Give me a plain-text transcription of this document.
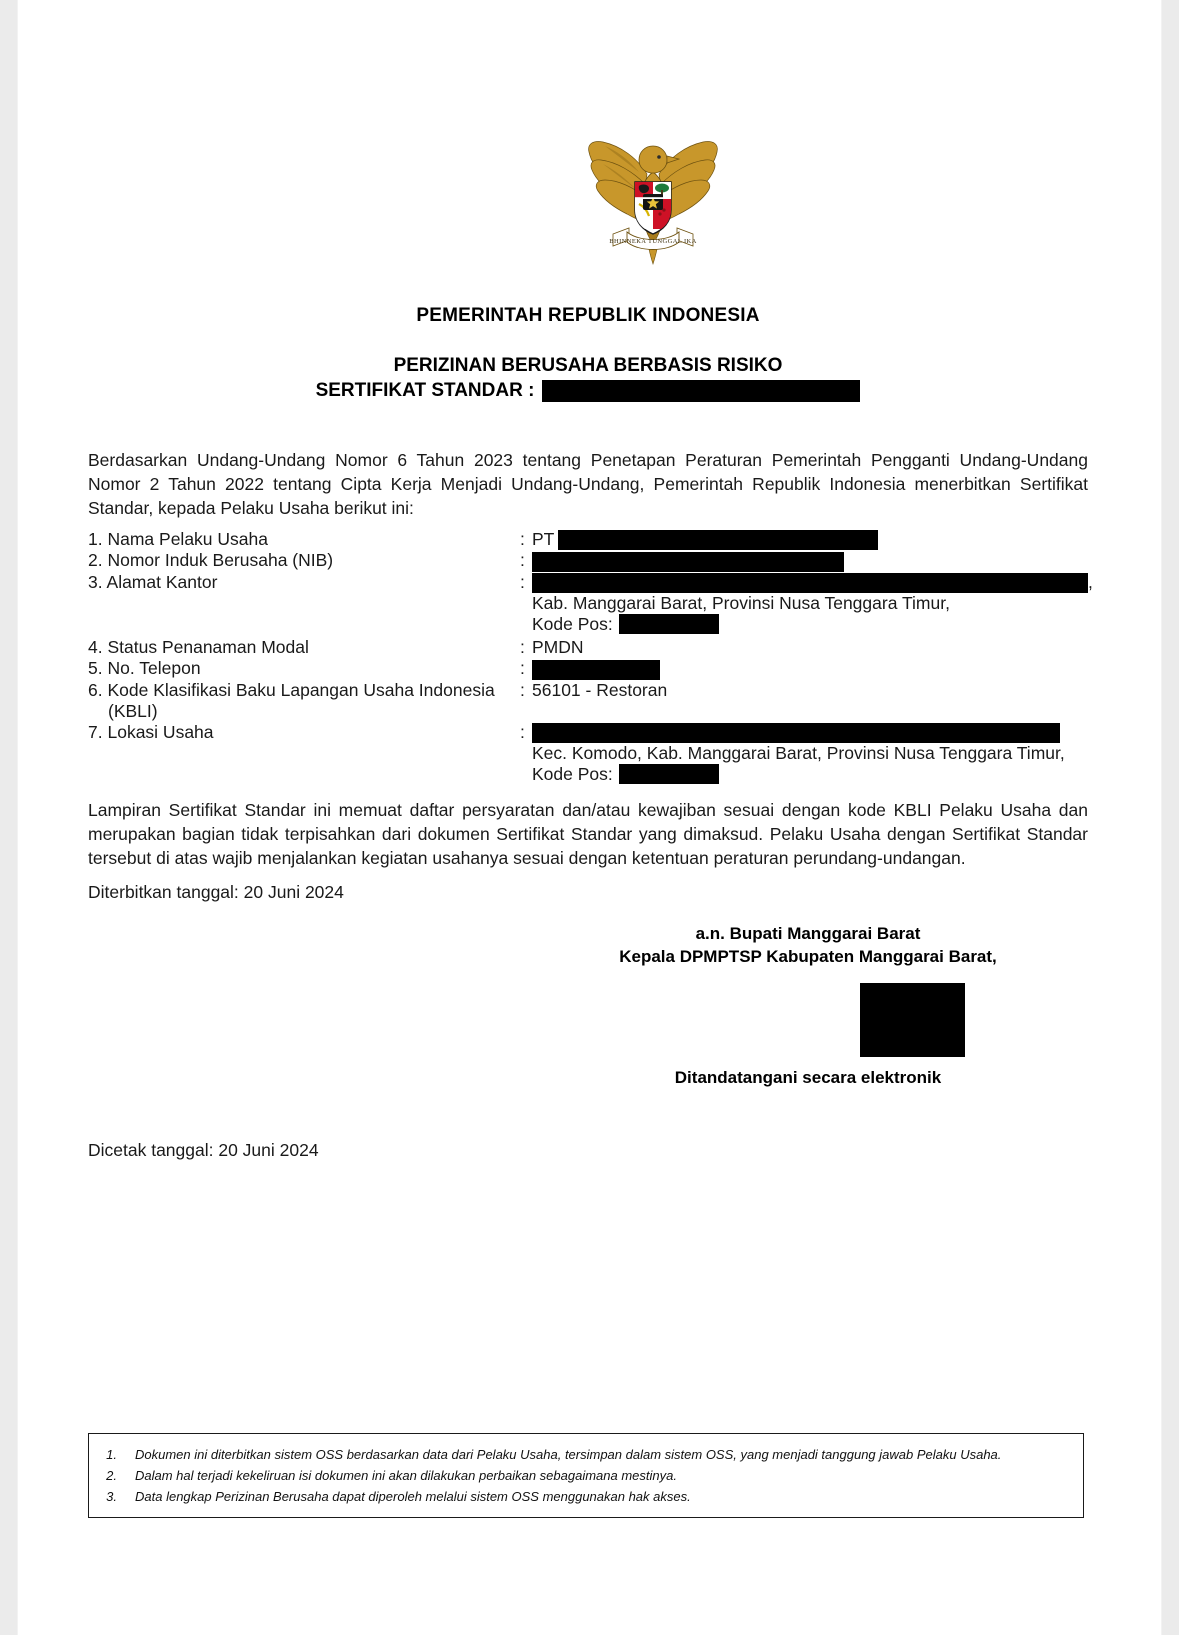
BHINNEKA TUNGGAL IKA
PEMERINTAH REPUBLIK INDONESIA
PERIZINAN BERUSAHA BERBASIS RISIKO
SERTIFIKAT STANDAR :
Berdasarkan Undang-Undang Nomor 6 Tahun 2023 tentang Penetapan Peraturan Pemerintah Pengganti Undang-Undang Nomor 2 Tahun 2022 tentang Cipta Kerja Menjadi Undang-Undang, Pemerintah Republik Indonesia menerbitkan Sertifikat Standar, kepada Pelaku Usaha berikut ini:
1. Nama Pelaku Usaha	: PT
2. Nomor Induk Berusaha (NIB)	:
3. Alamat Kantor	:	,
Kab. Manggarai Barat, Provinsi Nusa Tenggara Timur,
Kode Pos:
4. Status Penanaman Modal	: PMDN
5. No. Telepon	:
6. Kode Klasifikasi Baku Lapangan Usaha Indonesia	: 56101 - Restoran
(KBLI)
7. Lokasi Usaha	:
Kec. Komodo, Kab. Manggarai Barat, Provinsi Nusa Tenggara Timur,
Kode Pos:
Lampiran Sertifikat Standar ini memuat daftar persyaratan dan/atau kewajiban sesuai dengan kode KBLI Pelaku Usaha dan merupakan bagian tidak terpisahkan dari dokumen Sertifikat Standar yang dimaksud. Pelaku Usaha dengan Sertifikat Standar tersebut di atas wajib menjalankan kegiatan usahanya sesuai dengan ketentuan peraturan perundang-undangan.
Diterbitkan tanggal: 20 Juni 2024
a.n. Bupati Manggarai Barat
Kepala DPMPTSP Kabupaten Manggarai Barat,
Ditandatangani secara elektronik
Dicetak tanggal: 20 Juni 2024
1.	Dokumen ini diterbitkan sistem OSS berdasarkan data dari Pelaku Usaha, tersimpan dalam sistem OSS, yang menjadi tanggung jawab Pelaku Usaha.
2.	Dalam hal terjadi kekeliruan isi dokumen ini akan dilakukan perbaikan sebagaimana mestinya.
3.	Data lengkap Perizinan Berusaha dapat diperoleh melalui sistem OSS menggunakan hak akses.
